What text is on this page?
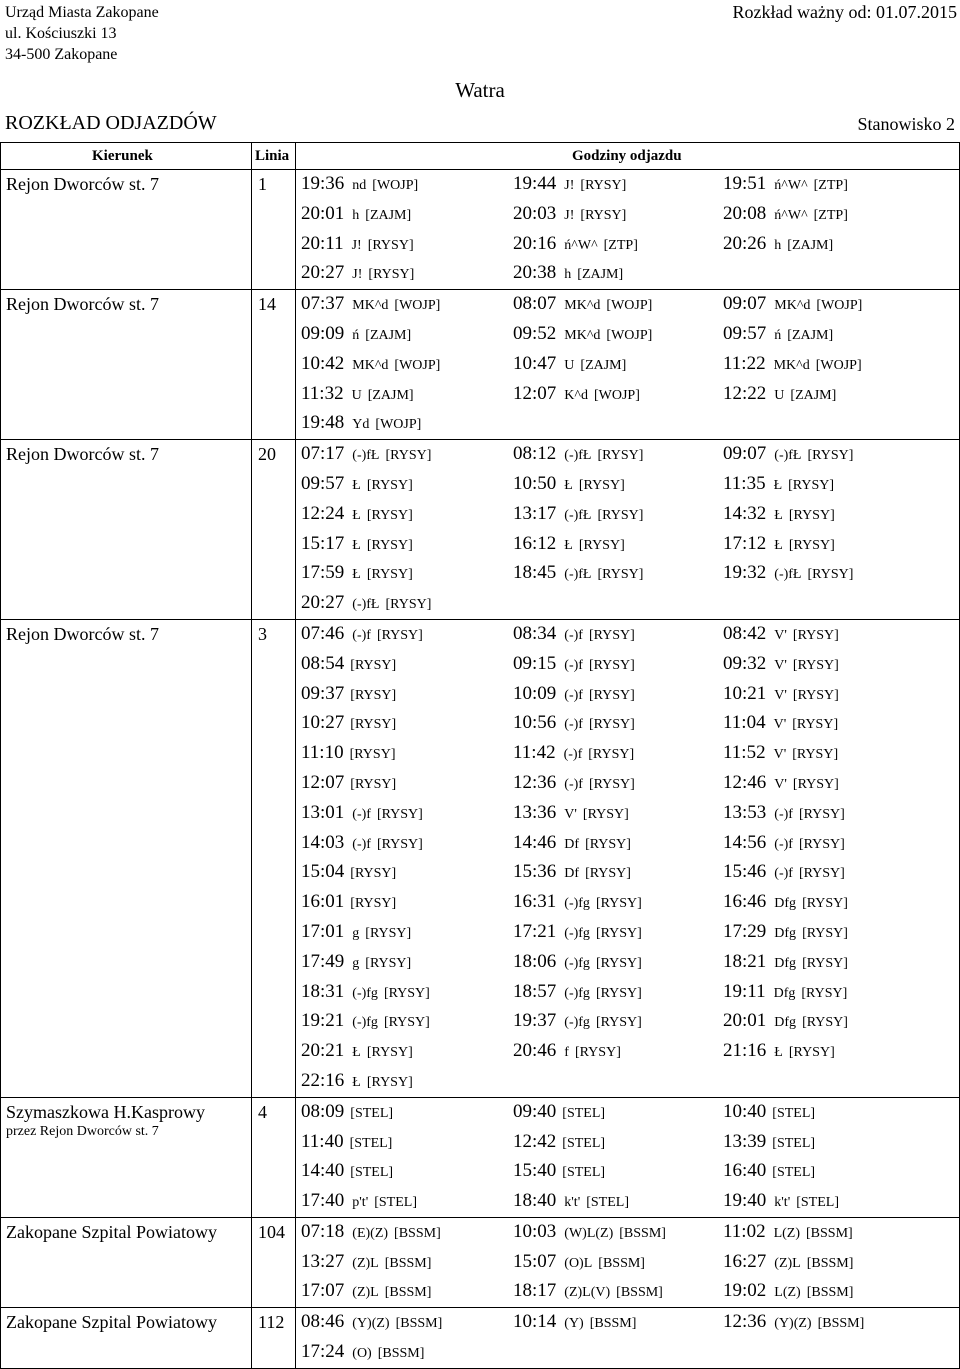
Urząd Miasta Zakopane
ul. Kościuszki 13
34-500 Zakopane
Rozkład ważny od: 01.07.2015
Watra
ROZKŁAD ODJAZDÓW	Stanowisko 2
Kierunek	Linia	Godziny odjazdu
Rejon Dworców st. 7	1 19:36 nd [WOJP]	19:44 J! [RYSY]	19:51 ń^W^ [ZTP]
20:01 h [ZAJM]	20:03 J! [RYSY]	20:08 ń^W^ [ZTP]
20:11 J! [RYSY]	20:16 ń^W^ [ZTP]	20:26 h [ZAJM]
20:27 J! [RYSY]	20:38 h [ZAJM]
Rejon Dworców st. 7	14 07:37 MK^d [WOJP]	08:07 MK^d [WOJP]	09:07 MK^d [WOJP]
09:09 ń [ZAJM]	09:52 MK^d [WOJP]	09:57 ń [ZAJM]
10:42 MK^d [WOJP]	10:47 U [ZAJM]	11:22 MK^d [WOJP]
11:32 U [ZAJM]	12:07 K^d [WOJP]	12:22 U [ZAJM]
19:48 Yd [WOJP]
Rejon Dworców st. 7	20 07:17 (-)fŁ [RYSY]	08:12 (-)fŁ [RYSY]	09:07 (-)fŁ [RYSY]
09:57 Ł [RYSY]	10:50 Ł [RYSY]	11:35 Ł [RYSY]
12:24 Ł [RYSY]	13:17 (-)fŁ [RYSY]	14:32 Ł [RYSY]
15:17 Ł [RYSY]	16:12 Ł [RYSY]	17:12 Ł [RYSY]
17:59 Ł [RYSY]	18:45 (-)fŁ [RYSY]	19:32 (-)fŁ [RYSY]
20:27 (-)fŁ [RYSY]
Rejon Dworców st. 7	3 07:46 (-)f [RYSY]	08:34 (-)f [RYSY]	08:42 V' [RYSY]
08:54 [RYSY]	09:15 (-)f [RYSY]	09:32 V' [RYSY]
09:37 [RYSY]	10:09 (-)f [RYSY]	10:21 V' [RYSY]
10:27 [RYSY]	10:56 (-)f [RYSY]	11:04 V' [RYSY]
11:10 [RYSY]	11:42 (-)f [RYSY]	11:52 V' [RYSY]
12:07 [RYSY]	12:36 (-)f [RYSY]	12:46 V' [RYSY]
13:01 (-)f [RYSY]	13:36 V' [RYSY]	13:53 (-)f [RYSY]
14:03 (-)f [RYSY]	14:46 Df [RYSY]	14:56 (-)f [RYSY]
15:04 [RYSY]	15:36 Df [RYSY]	15:46 (-)f [RYSY]
16:01 [RYSY]	16:31 (-)fg [RYSY]	16:46 Dfg [RYSY]
17:01 g [RYSY]	17:21 (-)fg [RYSY]	17:29 Dfg [RYSY]
17:49 g [RYSY]	18:06 (-)fg [RYSY]	18:21 Dfg [RYSY]
18:31 (-)fg [RYSY]	18:57 (-)fg [RYSY]	19:11 Dfg [RYSY]
19:21 (-)fg [RYSY]	19:37 (-)fg [RYSY]	20:01 Dfg [RYSY]
20:21 Ł [RYSY]	20:46 f [RYSY]	21:16 Ł [RYSY]
22:16 Ł [RYSY]
Szymaszkowa H.Kasprowy
przez Rejon Dworców st. 7
4 08:09 [STEL]	09:40 [STEL]	10:40 [STEL]
11:40 [STEL]	12:42 [STEL]	13:39 [STEL]
14:40 [STEL]	15:40 [STEL]	16:40 [STEL]
17:40 p't' [STEL]	18:40 k't' [STEL]	19:40 k't' [STEL]
Zakopane Szpital Powiatowy 104 07:18 (E)(Z) [BSSM]	10:03 (W)L(Z) [BSSM]	11:02 L(Z) [BSSM]
13:27 (Z)L [BSSM]	15:07 (O)L [BSSM]	16:27 (Z)L [BSSM]
17:07 (Z)L [BSSM]	18:17 (Z)L(V) [BSSM]	19:02 L(Z) [BSSM]
Zakopane Szpital Powiatowy 112 08:46 (Y)(Z) [BSSM]	10:14 (Y) [BSSM]	12:36 (Y)(Z) [BSSM]
17:24 (O) [BSSM]
